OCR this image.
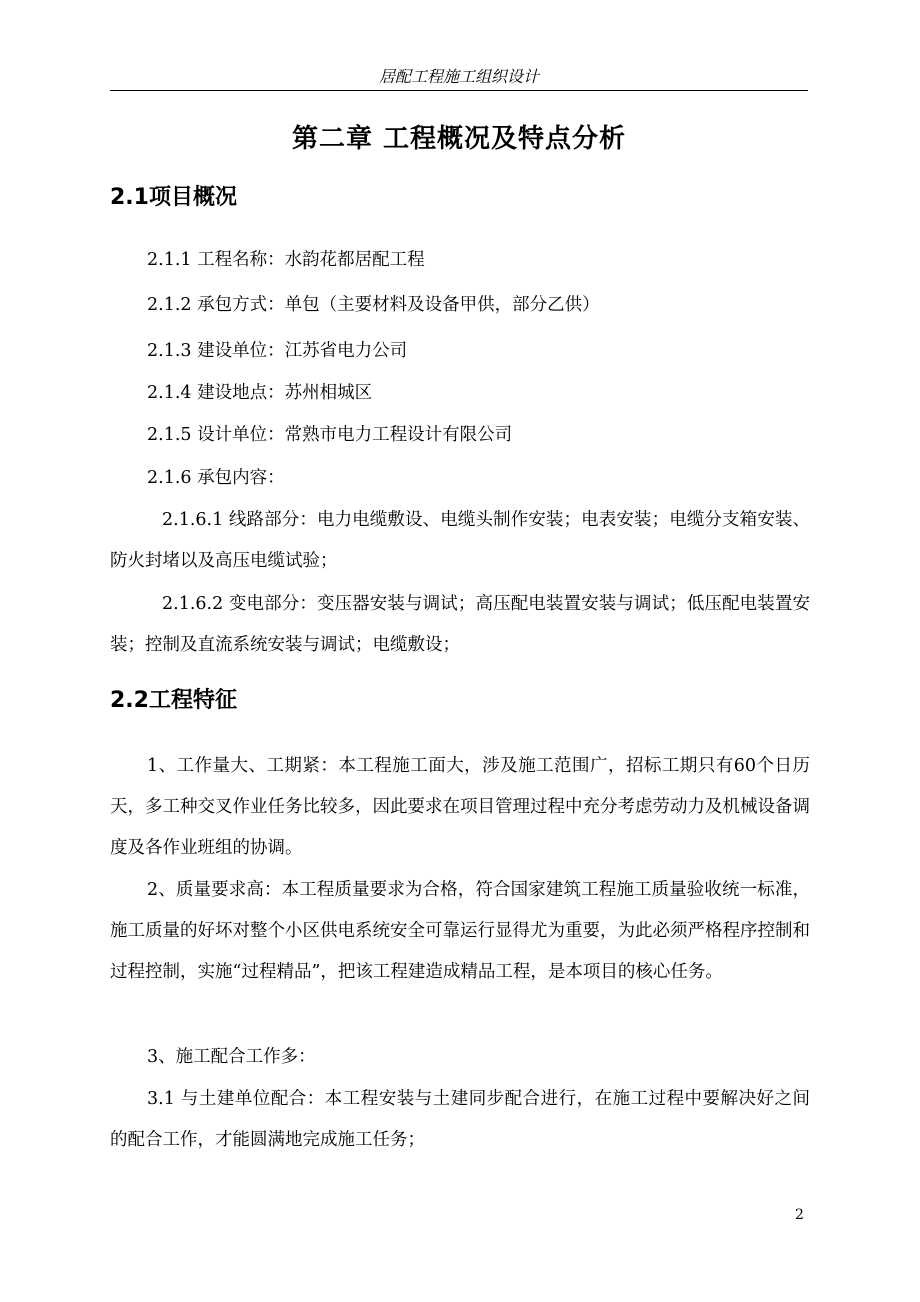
居配工程施工组织设计
第二章 工程概况及特点分析
2.1项目概况
2.1.1 工程名称：水韵花都居配工程
2.1.2 承包方式：单包（主要材料及设备甲供，部分乙供）
2.1.3 建设单位：江苏省电力公司
2.1.4 建设地点：苏州相城区
2.1.5 设计单位：常熟市电力工程设计有限公司
2.1.6 承包内容：
2.1.6.1 线路部分：电力电缆敷设、电缆头制作安装；电表安装；电缆分支箱安装、防火封堵以及高压电缆试验；
2.1.6.2 变电部分：变压器安装与调试；高压配电装置安装与调试；低压配电装置安装；控制及直流系统安装与调试；电缆敷设；
2.2工程特征
1、工作量大、工期紧：本工程施工面大，涉及施工范围广，招标工期只有60个日历天，多工种交叉作业任务比较多，因此要求在项目管理过程中充分考虑劳动力及机械设备调度及各作业班组的协调。
2、质量要求高：本工程质量要求为合格，符合国家建筑工程施工质量验收统一标准，施工质量的好坏对整个小区供电系统安全可靠运行显得尤为重要，为此必须严格程序控制和过程控制，实施“过程精品”，把该工程建造成精品工程，是本项目的核心任务。
3、施工配合工作多：
3.1 与土建单位配合：本工程安装与土建同步配合进行，在施工过程中要解决好之间的配合工作，才能圆满地完成施工任务；
2
